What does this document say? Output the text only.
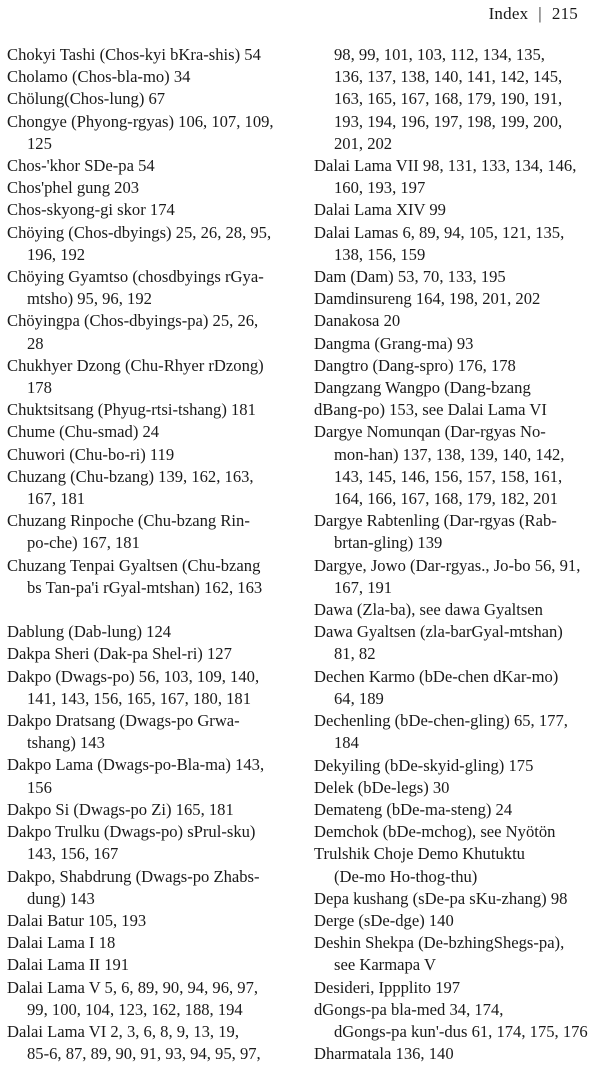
Index | 215
Chokyi Tashi (Chos-kyi bKra-shis) 54
Cholamo (Chos-bla-mo) 34
Chölung(Chos-lung) 67
Chongye (Phyong-rgyas) 106, 107, 109,
125
Chos-'khor SDe-pa 54
Chos'phel gung 203
Chos-skyong-gi skor 174
Chöying (Chos-dbyings) 25, 26, 28, 95,
196, 192
Chöying Gyamtso (chosdbyings rGya-
mtsho) 95, 96, 192
Chöyingpa (Chos-dbyings-pa) 25, 26,
28
Chukhyer Dzong (Chu-Rhyer rDzong)
178
Chuktsitsang (Phyug-rtsi-tshang) 181
Chume (Chu-smad) 24
Chuwori (Chu-bo-ri) 119
Chuzang (Chu-bzang) 139, 162, 163,
167, 181
Chuzang Rinpoche (Chu-bzang Rin-
po-che) 167, 181
Chuzang Tenpai Gyaltsen (Chu-bzang
bs Tan-pa'i rGyal-mtshan) 162, 163
Dablung (Dab-lung) 124
Dakpa Sheri (Dak-pa Shel-ri) 127
Dakpo (Dwags-po) 56, 103, 109, 140,
141, 143, 156, 165, 167, 180, 181
Dakpo Dratsang (Dwags-po Grwa-
tshang) 143
Dakpo Lama (Dwags-po-Bla-ma) 143,
156
Dakpo Si (Dwags-po Zi) 165, 181
Dakpo Trulku (Dwags-po) sPrul-sku)
143, 156, 167
Dakpo, Shabdrung (Dwags-po Zhabs-
dung) 143
Dalai Batur 105, 193
Dalai Lama I 18
Dalai Lama II 191
Dalai Lama V 5, 6, 89, 90, 94, 96, 97,
99, 100, 104, 123, 162, 188, 194
Dalai Lama VI 2, 3, 6, 8, 9, 13, 19,
85-6, 87, 89, 90, 91, 93, 94, 95, 97,
98, 99, 101, 103, 112, 134, 135,
136, 137, 138, 140, 141, 142, 145,
163, 165, 167, 168, 179, 190, 191,
193, 194, 196, 197, 198, 199, 200,
201, 202
Dalai Lama VII 98, 131, 133, 134, 146,
160, 193, 197
Dalai Lama XIV 99
Dalai Lamas 6, 89, 94, 105, 121, 135,
138, 156, 159
Dam (Dam) 53, 70, 133, 195
Damdinsureng 164, 198, 201, 202
Danakosa 20
Dangma (Grang-ma) 93
Dangtro (Dang-spro) 176, 178
Dangzang Wangpo (Dang-bzang
dBang-po) 153, see Dalai Lama VI
Dargye Nomunqan (Dar-rgyas No-
mon-han) 137, 138, 139, 140, 142,
143, 145, 146, 156, 157, 158, 161,
164, 166, 167, 168, 179, 182, 201
Dargye Rabtenling (Dar-rgyas (Rab-
brtan-gling) 139
Dargye, Jowo (Dar-rgyas., Jo-bo 56, 91,
167, 191
Dawa (Zla-ba), see dawa Gyaltsen
Dawa Gyaltsen (zla-barGyal-mtshan)
81, 82
Dechen Karmo (bDe-chen dKar-mo)
64, 189
Dechenling (bDe-chen-gling) 65, 177,
184
Dekyiling (bDe-skyid-gling) 175
Delek (bDe-legs) 30
Demateng (bDe-ma-steng) 24
Demchok (bDe-mchog), see Nyötön
Trulshik Choje Demo Khutuktu
(De-mo Ho-thog-thu)
Depa kushang (sDe-pa sKu-zhang) 98
Derge (sDe-dge) 140
Deshin Shekpa (De-bzhingShegs-pa),
see Karmapa V
Desideri, Ippplito 197
dGongs-pa bla-med 34, 174,
dGongs-pa kun'-dus 61, 174, 175, 176
Dharmatala 136, 140
